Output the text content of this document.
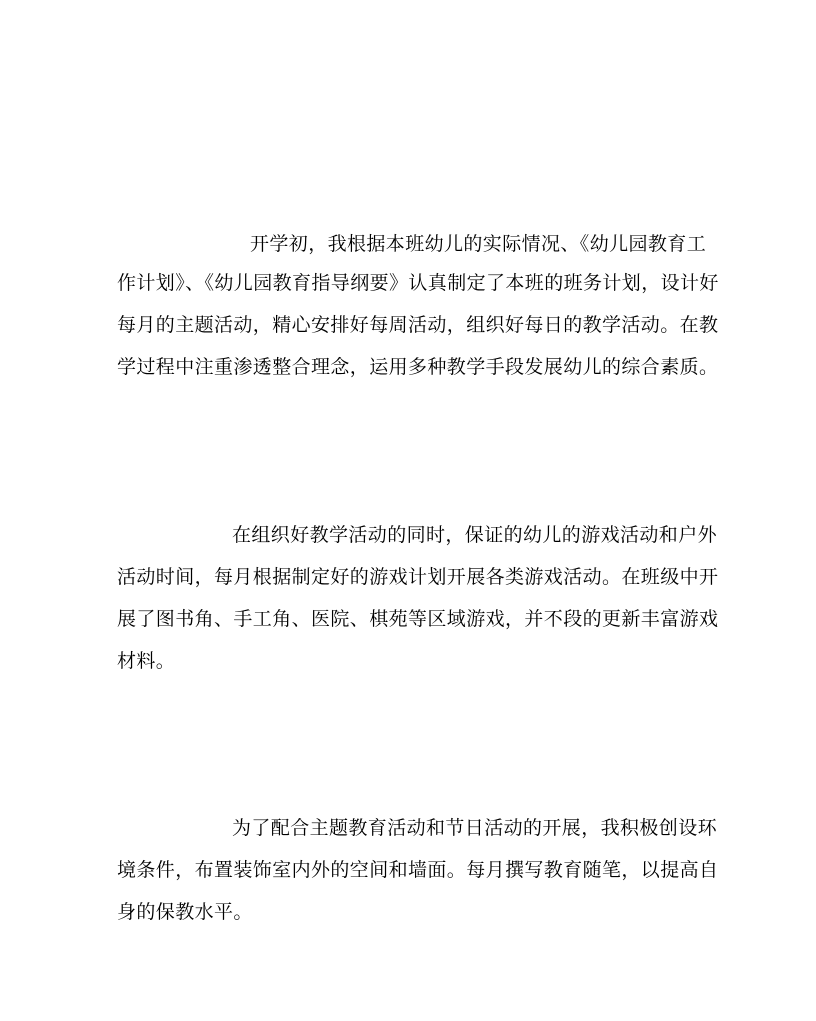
开学初，我根据本班幼儿的实际情况、《幼儿园教育工

作计划》、《幼儿园教育指导纲要》认真制定了本班的班务计划，设计好

每月的主题活动，精心安排好每周活动，组织好每日的教学活动。在教

学过程中注重渗透整合理念，运用多种教学手段发展幼儿的综合素质。

在组织好教学活动的同时，保证的幼儿的游戏活动和户外

活动时间，每月根据制定好的游戏计划开展各类游戏活动。在班级中开

展了图书角、手工角、医院、棋苑等区域游戏，并不段的更新丰富游戏

材料。

为了配合主题教育活动和节日活动的开展，我积极创设环

境条件，布置装饰室内外的空间和墙面。每月撰写教育随笔，以提高自

身的保教水平。
